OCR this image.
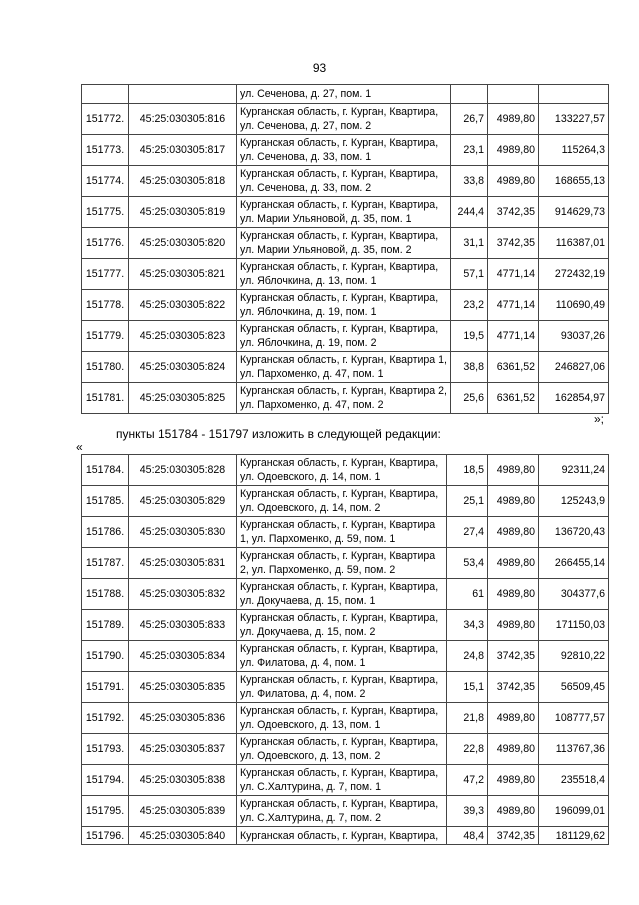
93
		ул. Сеченова, д. 27, пом. 1			
151772.	45:25:030305:816	Курганская область, г. Курган, Квартира,
ул. Сеченова, д. 27, пом. 2	26,7	4989,80	133227,57
151773.	45:25:030305:817	Курганская область, г. Курган, Квартира,
ул. Сеченова, д. 33, пом. 1	23,1	4989,80	115264,3
151774.	45:25:030305:818	Курганская область, г. Курган, Квартира,
ул. Сеченова, д. 33, пом. 2	33,8	4989,80	168655,13
151775.	45:25:030305:819	Курганская область, г. Курган, Квартира,
ул. Марии Ульяновой, д. 35, пом. 1	244,4	3742,35	914629,73
151776.	45:25:030305:820	Курганская область, г. Курган, Квартира,
ул. Марии Ульяновой, д. 35, пом. 2	31,1	3742,35	116387,01
151777.	45:25:030305:821	Курганская область, г. Курган, Квартира,
ул. Яблочкина, д. 13, пом. 1	57,1	4771,14	272432,19
151778.	45:25:030305:822	Курганская область, г. Курган, Квартира,
ул. Яблочкина, д. 19, пом. 1	23,2	4771,14	110690,49
151779.	45:25:030305:823	Курганская область, г. Курган, Квартира,
ул. Яблочкина, д. 19, пом. 2	19,5	4771,14	93037,26
151780.	45:25:030305:824	Курганская область, г. Курган, Квартира 1,
ул. Пархоменко, д. 47, пом. 1	38,8	6361,52	246827,06
151781.	45:25:030305:825	Курганская область, г. Курган, Квартира 2,
ул. Пархоменко, д. 47, пом. 2	25,6	6361,52	162854,97
»;
пункты 151784 - 151797 изложить в следующей редакции:
«
151784.	45:25:030305:828	Курганская область, г. Курган, Квартира,
ул. Одоевского, д. 14, пом. 1	18,5	4989,80	92311,24
151785.	45:25:030305:829	Курганская область, г. Курган, Квартира,
ул. Одоевского, д. 14, пом. 2	25,1	4989,80	125243,9
151786.	45:25:030305:830	Курганская область, г. Курган, Квартира
1, ул. Пархоменко, д. 59, пом. 1	27,4	4989,80	136720,43
151787.	45:25:030305:831	Курганская область, г. Курган, Квартира
2, ул. Пархоменко, д. 59, пом. 2	53,4	4989,80	266455,14
151788.	45:25:030305:832	Курганская область, г. Курган, Квартира,
ул. Докучаева, д. 15, пом. 1	61	4989,80	304377,6
151789.	45:25:030305:833	Курганская область, г. Курган, Квартира,
ул. Докучаева, д. 15, пом. 2	34,3	4989,80	171150,03
151790.	45:25:030305:834	Курганская область, г. Курган, Квартира,
ул. Филатова, д. 4, пом. 1	24,8	3742,35	92810,22
151791.	45:25:030305:835	Курганская область, г. Курган, Квартира,
ул. Филатова, д. 4, пом. 2	15,1	3742,35	56509,45
151792.	45:25:030305:836	Курганская область, г. Курган, Квартира,
ул. Одоевского, д. 13, пом. 1	21,8	4989,80	108777,57
151793.	45:25:030305:837	Курганская область, г. Курган, Квартира,
ул. Одоевского, д. 13, пом. 2	22,8	4989,80	113767,36
151794.	45:25:030305:838	Курганская область, г. Курган, Квартира,
ул. С.Халтурина, д. 7, пом. 1	47,2	4989,80	235518,4
151795.	45:25:030305:839	Курганская область, г. Курган, Квартира,
ул. С.Халтурина, д. 7, пом. 2	39,3	4989,80	196099,01
151796.	45:25:030305:840	Курганская область, г. Курган, Квартира,	48,4	3742,35	181129,62
